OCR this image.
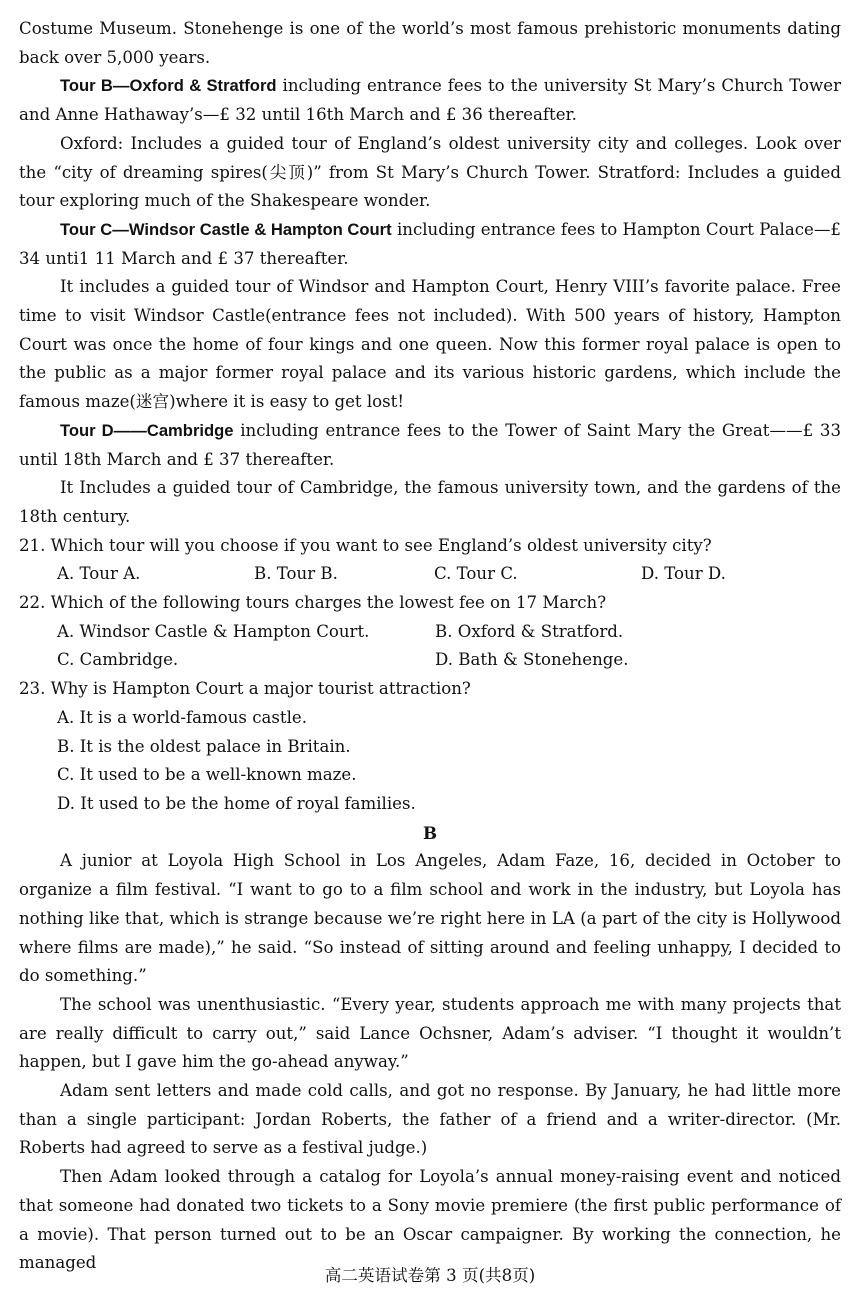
Costume Museum. Stonehenge is one of the world’s most famous prehistoric monuments dating back over 5,000 years.

Tour B—Oxford & Stratford including entrance fees to the university St Mary’s Church Tower and Anne Hathaway’s—£ 32 until 16th March and £ 36 thereafter.

Oxford: Includes a guided tour of England’s oldest university city and colleges. Look over the “city of dreaming spires(尖顶)” from St Mary’s Church Tower. Stratford: Includes a guided tour exploring much of the Shakespeare wonder.

Tour C—Windsor Castle & Hampton Court including entrance fees to Hampton Court Palace—£ 34 unti1 11 March and £ 37 thereafter.

It includes a guided tour of Windsor and Hampton Court, Henry VIII’s favorite palace. Free time to visit Windsor Castle(entrance fees not included). With 500 years of history, Hampton Court was once the home of four kings and one queen. Now this former royal palace is open to the public as a major former royal palace and its various historic gardens, which include the famous maze(迷宫)where it is easy to get lost!

Tour D——Cambridge including entrance fees to the Tower of Saint Mary the Great——£ 33 until 18th March and £ 37 thereafter.

It Includes a guided tour of Cambridge, the famous university town, and the gardens of the 18th century.

21. Which tour will you choose if you want to see England’s oldest university city?

A. Tour A.	B. Tour B.	C. Tour C.	D. Tour D.

22. Which of the following tours charges the lowest fee on 17 March?

A. Windsor Castle & Hampton Court.	B. Oxford & Stratford.
C. Cambridge.	D. Bath & Stonehenge.

23. Why is Hampton Court a major tourist attraction?

A. It is a world-famous castle.

B. It is the oldest palace in Britain.

C. It used to be a well-known maze.

D. It used to be the home of royal families.

B

A junior at Loyola High School in Los Angeles, Adam Faze, 16, decided in October to organize a film festival. “I want to go to a film school and work in the industry, but Loyola has nothing like that, which is strange because we’re right here in LA (a part of the city is Hollywood where films are made),” he said. “So instead of sitting around and feeling unhappy, I decided to do something.”

The school was unenthusiastic. “Every year, students approach me with many projects that are really difficult to carry out,” said Lance Ochsner, Adam’s adviser. “I thought it wouldn’t happen, but I gave him the go-ahead anyway.”

Adam sent letters and made cold calls, and got no response. By January, he had little more than a single participant: Jordan Roberts, the father of a friend and a writer-director. (Mr. Roberts had agreed to serve as a festival judge.)

Then Adam looked through a catalog for Loyola’s annual money-raising event and noticed that someone had donated two tickets to a Sony movie premiere (the first public performance of a movie). That person turned out to be an Oscar campaigner. By working the connection, he managed

高二英语试卷第 3 页(共8页)
